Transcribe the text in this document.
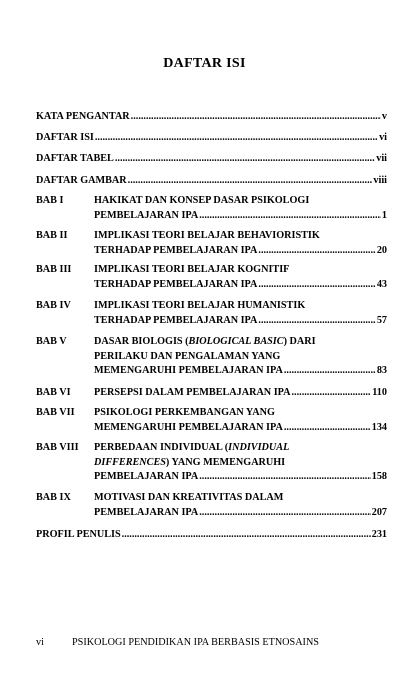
DAFTAR ISI
KATA PENGANTAR .....	v
DAFTAR ISI .....	vi
DAFTAR TABEL .....	vii
DAFTAR GAMBAR .....	viii
BAB I	HAKIKAT DAN KONSEP DASAR PSIKOLOGI
PEMBELAJARAN IPA .....	1
BAB II	IMPLIKASI TEORI BELAJAR BEHAVIORISTIK
TERHADAP PEMBELAJARAN IPA .....	20
BAB III	IMPLIKASI TEORI BELAJAR KOGNITIF
TERHADAP PEMBELAJARAN IPA .....	43
BAB IV	IMPLIKASI TEORI BELAJAR HUMANISTIK
TERHADAP PEMBELAJARAN IPA .....	57
BAB V	DASAR BIOLOGIS (BIOLOGICAL BASIC) DARI
PERILAKU DAN PENGALAMAN YANG
MEMENGARUHI PEMBELAJARAN IPA .....	83
BAB VI	PERSEPSI DALAM PEMBELAJARAN IPA .....	110
BAB VII	PSIKOLOGI PERKEMBANGAN YANG
MEMENGARUHI PEMBELAJARAN IPA .....	134
BAB VIII	PERBEDAAN INDIVIDUAL (INDIVIDUAL
DIFFERENCES) YANG MEMENGARUHI
PEMBELAJARAN IPA .....	158
BAB IX	MOTIVASI DAN KREATIVITAS DALAM
PEMBELAJARAN IPA .....	207
PROFIL PENULIS .....	231
vi	PSIKOLOGI PENDIDIKAN IPA BERBASIS ETNOSAINS
